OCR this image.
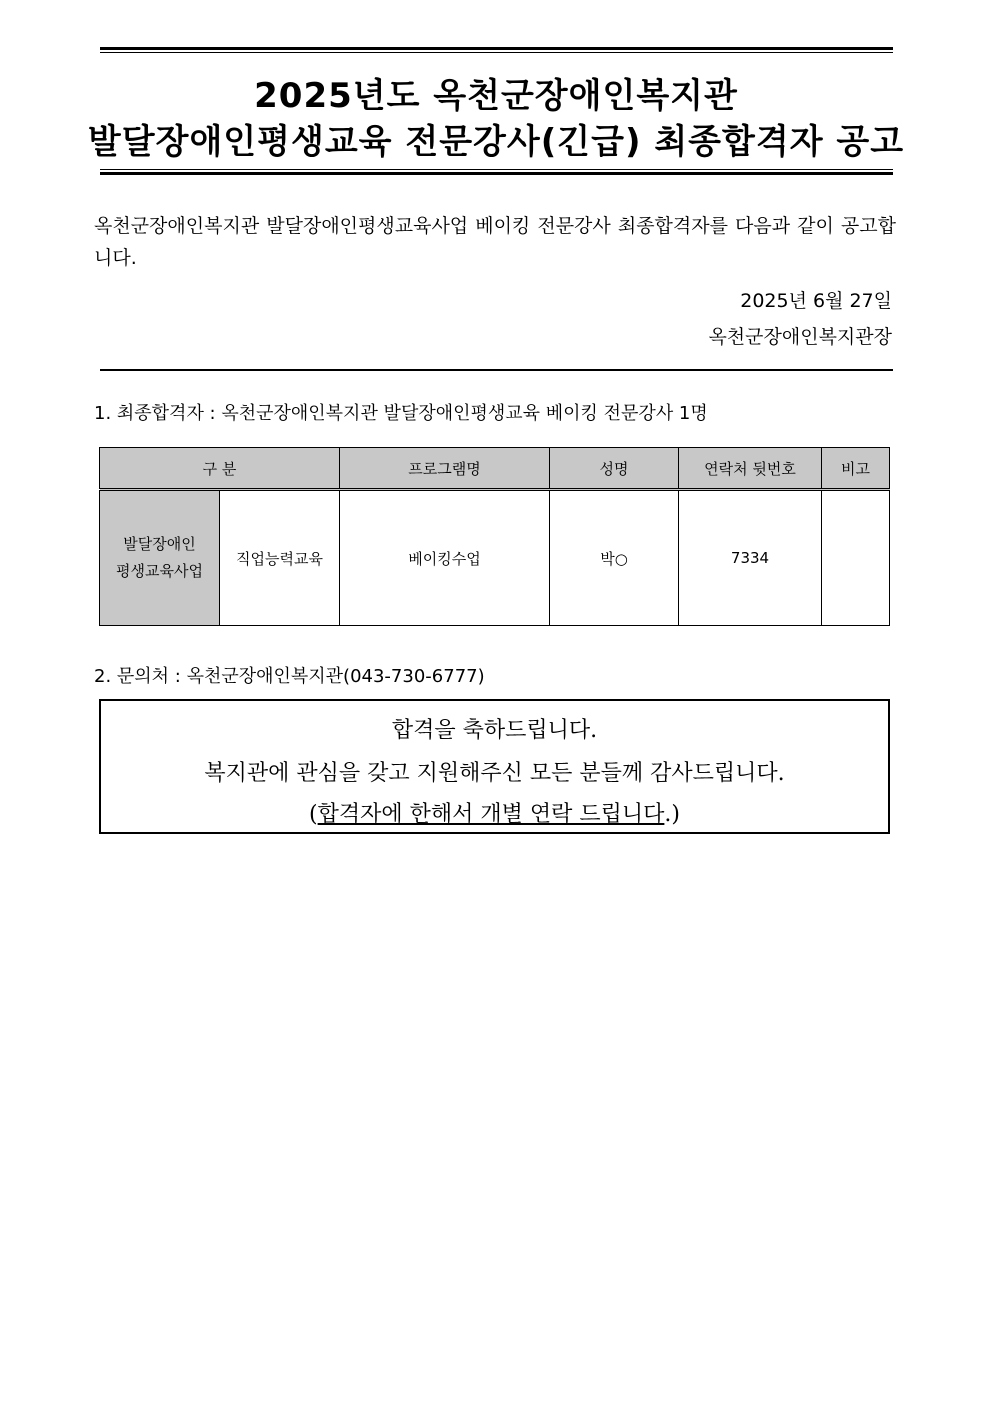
2025년도 옥천군장애인복지관
발달장애인평생교육 전문강사(긴급) 최종합격자 공고
옥천군장애인복지관 발달장애인평생교육사업 베이킹 전문강사 최종합격자를 다음과 같이 공고합니다.
2025년 6월 27일
옥천군장애인복지관장
1. 최종합격자 : 옥천군장애인복지관 발달장애인평생교육 베이킹 전문강사 1명
구 분		프로그램명	성명	연락처 뒷번호	비고

발달장애인
평생교육사업	직업능력교육	베이킹수업	박○	7334	
2. 문의처 : 옥천군장애인복지관(043-730-6777)
합격을 축하드립니다.
복지관에 관심을 갖고 지원해주신 모든 분들께 감사드립니다.
(합격자에 한해서 개별 연락 드립니다.)
